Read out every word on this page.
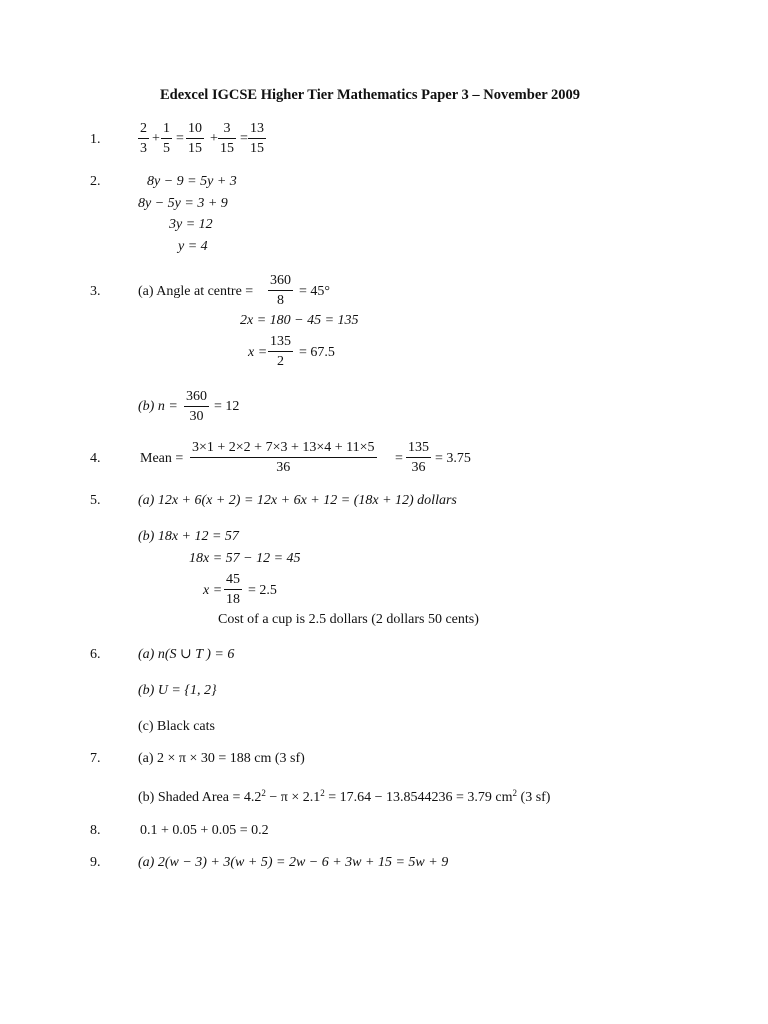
Edexcel IGCSE Higher Tier Mathematics Paper 3 – November 2009
1.	$\frac{2}{3} + \frac{1}{5} = \frac{10}{15} + \frac{3}{15} = \frac{13}{15}$
2.	8y − 9 = 5y + 3
8y − 5y = 3 + 9
3y = 12
y = 4
3.	(a) Angle at centre = $\frac{360}{8} = 45^\circ$
2x = 180 − 45 = 135
$x = \frac{135}{2} = 67.5$
(b) $n = \frac{360}{30} = 12$
4.	Mean = $\frac{3\times 1 + 2\times 2 + 7\times 3 + 13\times 4 + 11\times 5}{36} = \frac{135}{36} = 3.75$
5.	(a) 12x + 6(x + 2) = 12x + 6x + 12 = (18x + 12) dollars
(b) 18x + 12 = 57
18x = 57 − 12 = 45
$x = \frac{45}{18} = 2.5$
Cost of a cup is 2.5 dollars (2 dollars 50 cents)
6.	(a) n(S ∪ T ) = 6
(b) U = {1, 2}
(c) Black cats
7.	(a) 2 × π × 30 = 188 cm (3 sf)
(b) Shaded Area = $4.2^2 - \pi \times 2.1^2 = 17.64 - 13.8544236 = 3.79$ $cm^2$ (3 sf)
8.	0.1 + 0.05 + 0.05 = 0.2
9.	(a) 2(w − 3) + 3(w + 5) = 2w − 6 + 3w + 15 = 5w + 9
